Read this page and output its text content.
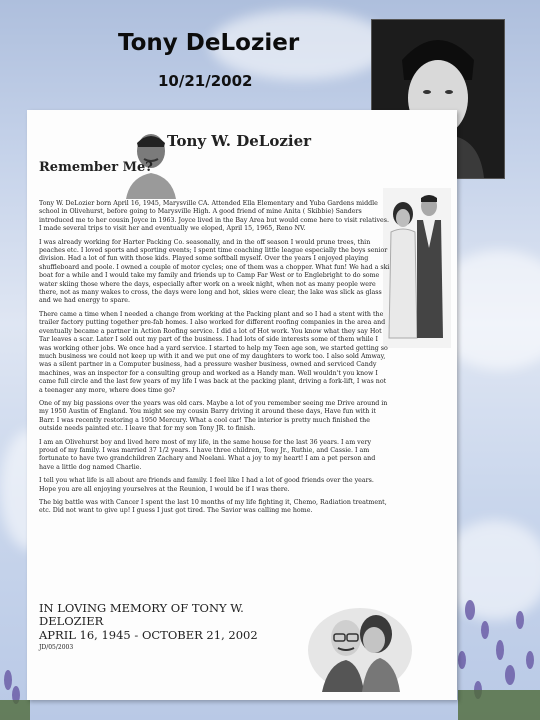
Tony DeLozier
10/21/2002
Tony W. DeLozier
Remember Me?

Tony W. DeLozier born April 16, 1945, Marysville CA. Attended Ella Elementary and Yuba Gardens middle school in Olivehurst, before going to Marysville High. A good friend of mine Anita ( Skibbie) Sanders introduced me to her cousin Joyce in 1963. Joyce lived in the Bay Area but would come here to visit relatives. I made several trips to visit her and eventually we eloped, April 15, 1965, Reno NV.

I was already working for Harter Packing Co. seasonally, and in the off season I would prune trees, thin peaches etc. I loved sports and sporting events; I spent time coaching little league especially the boys senior division. Had a lot of fun with those kids. Played some softball myself. Over the years I enjoyed playing shuffleboard and poole. I owned a couple of motor cycles; one of them was a chopper. What fun! We had a ski boat for a while and I would take my family and friends up to Camp Far West or to Englebright to do some water skiing those where the days, especially after work on a week night, when not as many people were there, not as many wakes to cross, the days were long and hot, skies were clear, the lake was slick as glass and we had energy to spare.

There came a time when I needed a change from working at the Packing plant and so I had a stent with the trailer factory putting together pre-fab homes. I also worked for different roofing companies in the area and eventually became a partner in Action Roofing service. I did a lot of Hot work. You know what they say Hot Tar leaves a scar. Later I sold out my part of the business. I had lots of side interests some of them while I was working other jobs. We once had a yard service. I started to help my Teen age son, we started getting so much business we could not keep up with it and we put one of my daughters to work too. I also sold Amway, was a silent partner in a Computer business, had a pressure washer business, owned and serviced Candy machines, was an inspector for a consulting group and worked as a Handy man. Well wouldn't you know I came full circle and the last few years of my life I was back at the packing plant, driving a fork-lift, I was not a teenager any more, where does time go?

One of my big passions over the years was old cars. Maybe a lot of you remember seeing me Drive around in my 1950 Austin of England. You might see my cousin Barry driving it around these days, Have fun with it Barr. I was recently restoring a 1950 Mercury. What a cool car! The interior is pretty much finished the outside needs painted etc. I leave that for my son Tony JR. to finish.

I am an Olivehurst boy and lived here most of my life, in the same house for the last 36 years. I am very proud of my family. I was married 37 1/2 years. I have three children, Tony Jr., Ruthie, and Cassie. I am fortunate to have two grandchildren Zachary and Noelani. What a joy to my heart! I am a pet person and have a little dog named Charlie.

I tell you what life is all about are friends and family. I feel like I had a lot of good friends over the years. Hope you are all enjoying yourselves at the Reunion, I would be if I was there.

The big battle was with Cancer I spent the last 10 months of my life fighting it, Chemo, Radiation treatment, etc. Did not want to give up! I guess I just got tired. The Savior was calling me home.

IN LOVING MEMORY OF TONY W. DELOZIER

APRIL 16, 1945 - OCTOBER 21, 2002

JD/05/2003
